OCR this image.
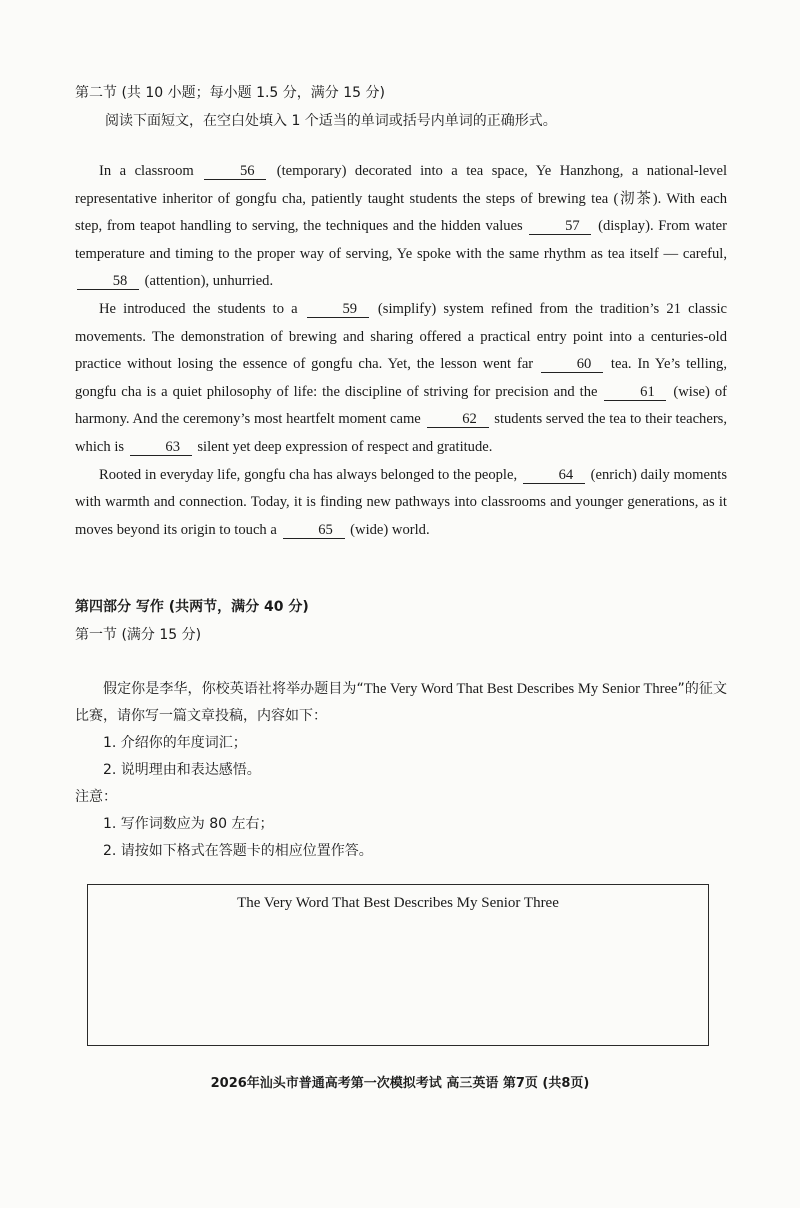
第二节 (共 10 小题；每小题 1.5 分，满分 15 分)
阅读下面短文，在空白处填入 1 个适当的单词或括号内单词的正确形式。

In a classroom	56 (temporary) decorated into a tea space, Ye Hanzhong, a national-level representative inheritor of gongfu cha, patiently taught students the steps of brewing tea (沏茶). With each step, from teapot handling to serving, the techniques and the hidden values	57 (display). From water temperature and timing to the proper way of serving, Ye spoke with the same rhythm as tea itself — careful, 58 (attention), unhurried.

He introduced the students to a	59 (simplify) system refined from the tradition’s 21 classic movements. The demonstration of brewing and sharing offered a practical entry point into a centuries-old practice without losing the essence of gongfu cha. Yet, the lesson went far	60 tea. In Ye’s telling, gongfu cha is a quiet philosophy of life: the discipline of striving for precision and the	61 (wise) of harmony. And the ceremony’s most heartfelt moment came	62 students served the tea to their teachers, which is	63 silent yet deep expression of respect and gratitude.

Rooted in everyday life, gongfu cha has always belonged to the people,	64 (enrich) daily moments with warmth and connection. Today, it is finding new pathways into classrooms and younger generations, as it moves beyond its origin to touch a	65 (wide) world.

第四部分 写作 (共两节，满分 40 分)
第一节 (满分 15 分)

假定你是李华，你校英语社将举办题目为“The Very Word That Best Describes My Senior Three”的征文比赛，请你写一篇文章投稿，内容如下：

1. 介绍你的年度词汇；
2. 说明理由和表达感悟。

注意：

1. 写作词数应为 80 左右；
2. 请按如下格式在答题卡的相应位置作答。
The Very Word That Best Describes My Senior Three
2026年汕头市普通高考第一次模拟考试 高三英语 第7页 (共8页)
